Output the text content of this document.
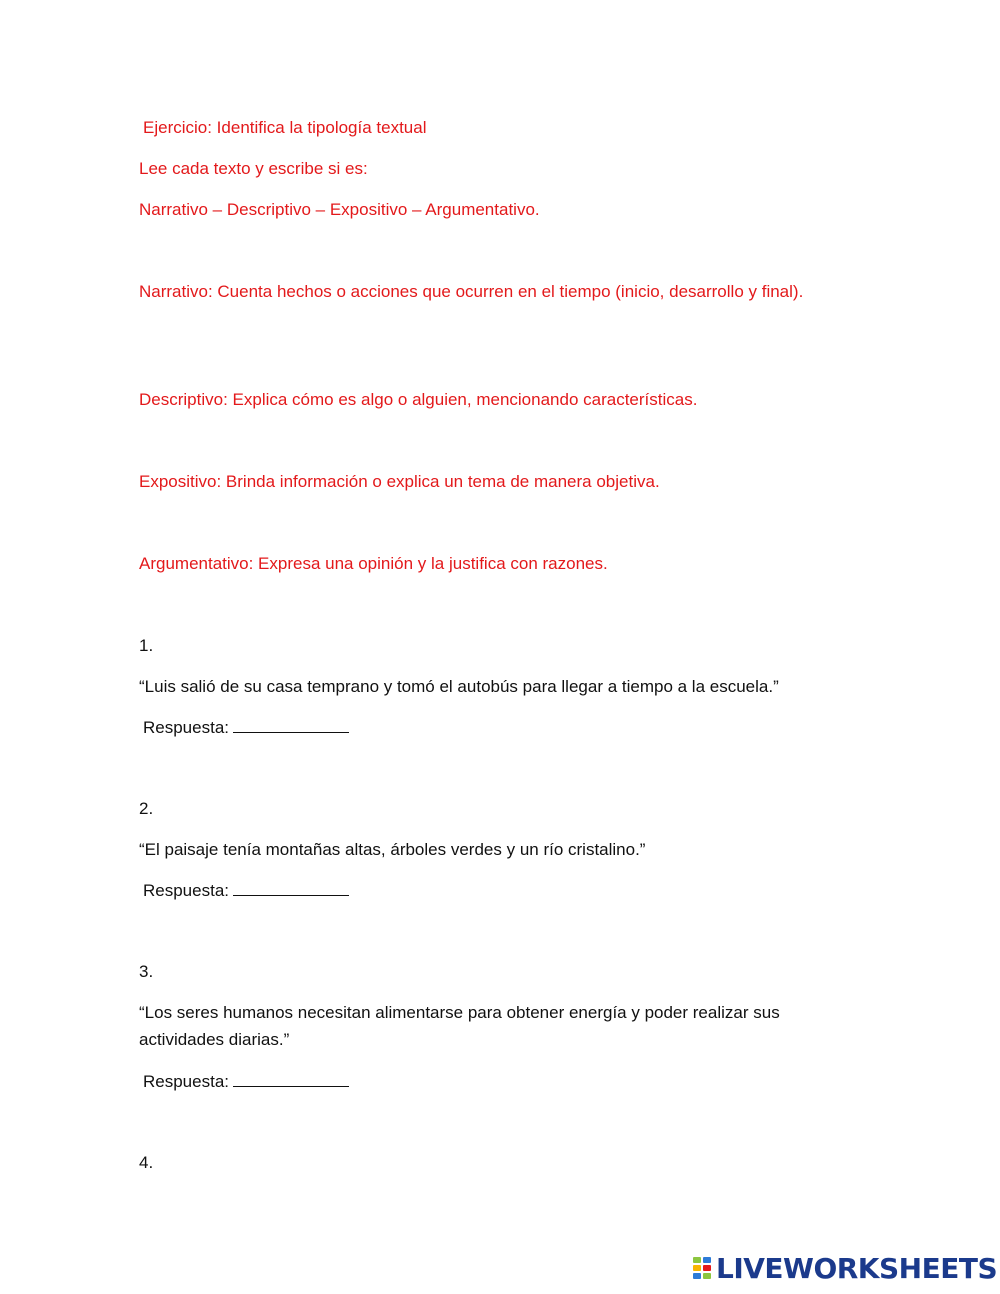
Ejercicio: Identifica la tipología textual
Lee cada texto y escribe si es:
Narrativo – Descriptivo – Expositivo – Argumentativo.
Narrativo: Cuenta hechos o acciones que ocurren en el tiempo (inicio, desarrollo y final).
Descriptivo: Explica cómo es algo o alguien, mencionando características.
Expositivo: Brinda información o explica un tema de manera objetiva.
Argumentativo: Expresa una opinión y la justifica con razones.
1.
“Luis salió de su casa temprano y tomó el autobús para llegar a tiempo a la escuela.”
Respuesta:
2.
“El paisaje tenía montañas altas, árboles verdes y un río cristalino.”
Respuesta:
3.
“Los seres humanos necesitan alimentarse para obtener energía y poder realizar sus actividades diarias.”
Respuesta:
4.
LIVEWORKSHEETS
